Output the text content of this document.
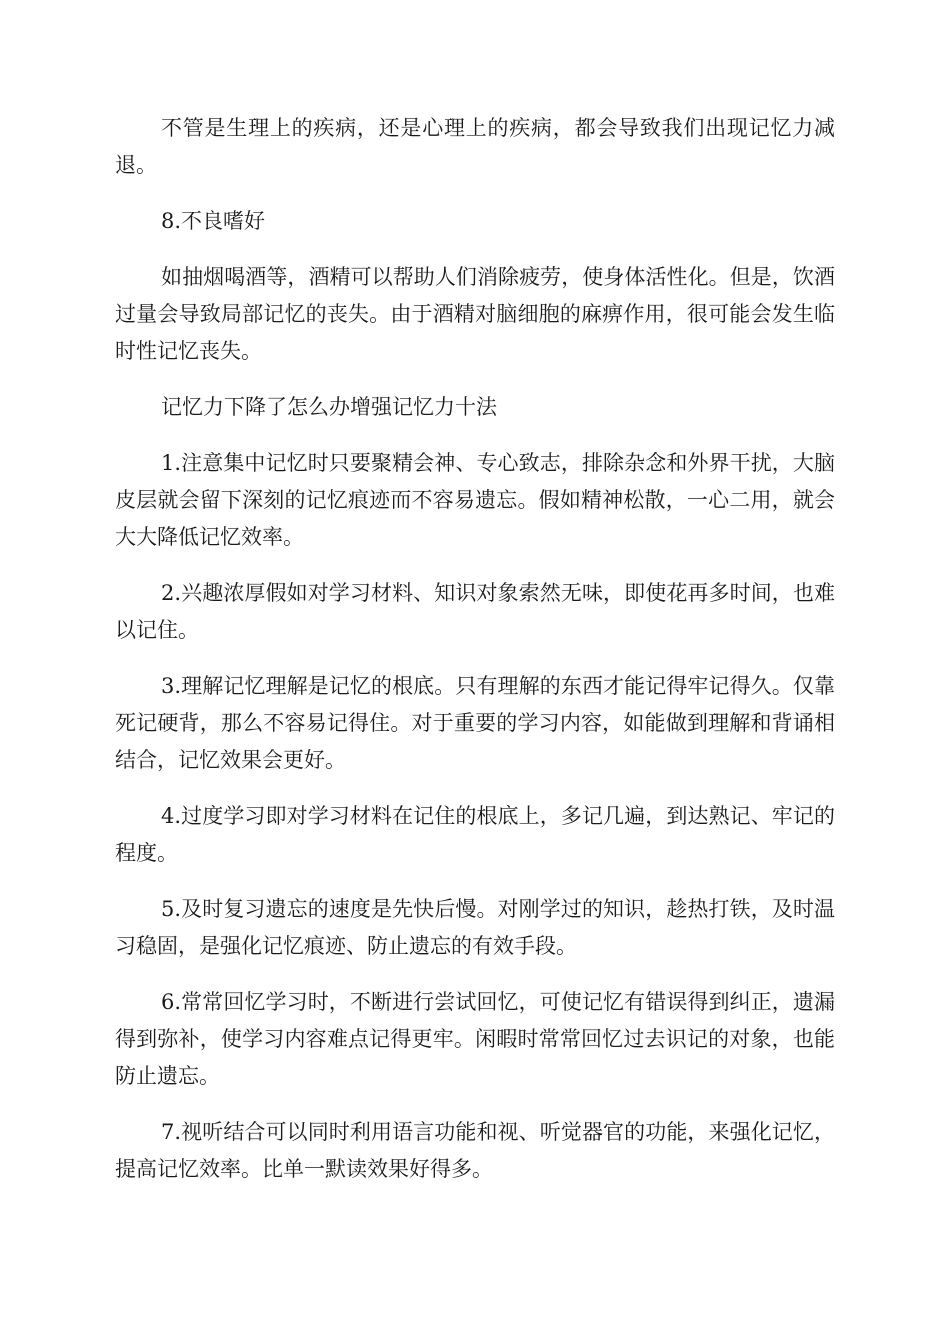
不管是生理上的疾病，还是心理上的疾病，都会导致我们出现记忆力减退。

8.不良嗜好

如抽烟喝酒等，酒精可以帮助人们消除疲劳，使身体活性化。但是，饮酒过量会导致局部记忆的丧失。由于酒精对脑细胞的麻痹作用，很可能会发生临时性记忆丧失。

记忆力下降了怎么办增强记忆力十法

1.注意集中记忆时只要聚精会神、专心致志，排除杂念和外界干扰，大脑皮层就会留下深刻的记忆痕迹而不容易遗忘。假如精神松散，一心二用，就会大大降低记忆效率。

2.兴趣浓厚假如对学习材料、知识对象索然无味，即使花再多时间，也难以记住。

3.理解记忆理解是记忆的根底。只有理解的东西才能记得牢记得久。仅靠死记硬背，那么不容易记得住。对于重要的学习内容，如能做到理解和背诵相结合，记忆效果会更好。

4.过度学习即对学习材料在记住的根底上，多记几遍，到达熟记、牢记的程度。

5.及时复习遗忘的速度是先快后慢。对刚学过的知识，趁热打铁，及时温习稳固，是强化记忆痕迹、防止遗忘的有效手段。

6.常常回忆学习时，不断进行尝试回忆，可使记忆有错误得到纠正，遗漏得到弥补，使学习内容难点记得更牢。闲暇时常常回忆过去识记的对象，也能防止遗忘。

7.视听结合可以同时利用语言功能和视、听觉器官的功能，来强化记忆，提高记忆效率。比单一默读效果好得多。
